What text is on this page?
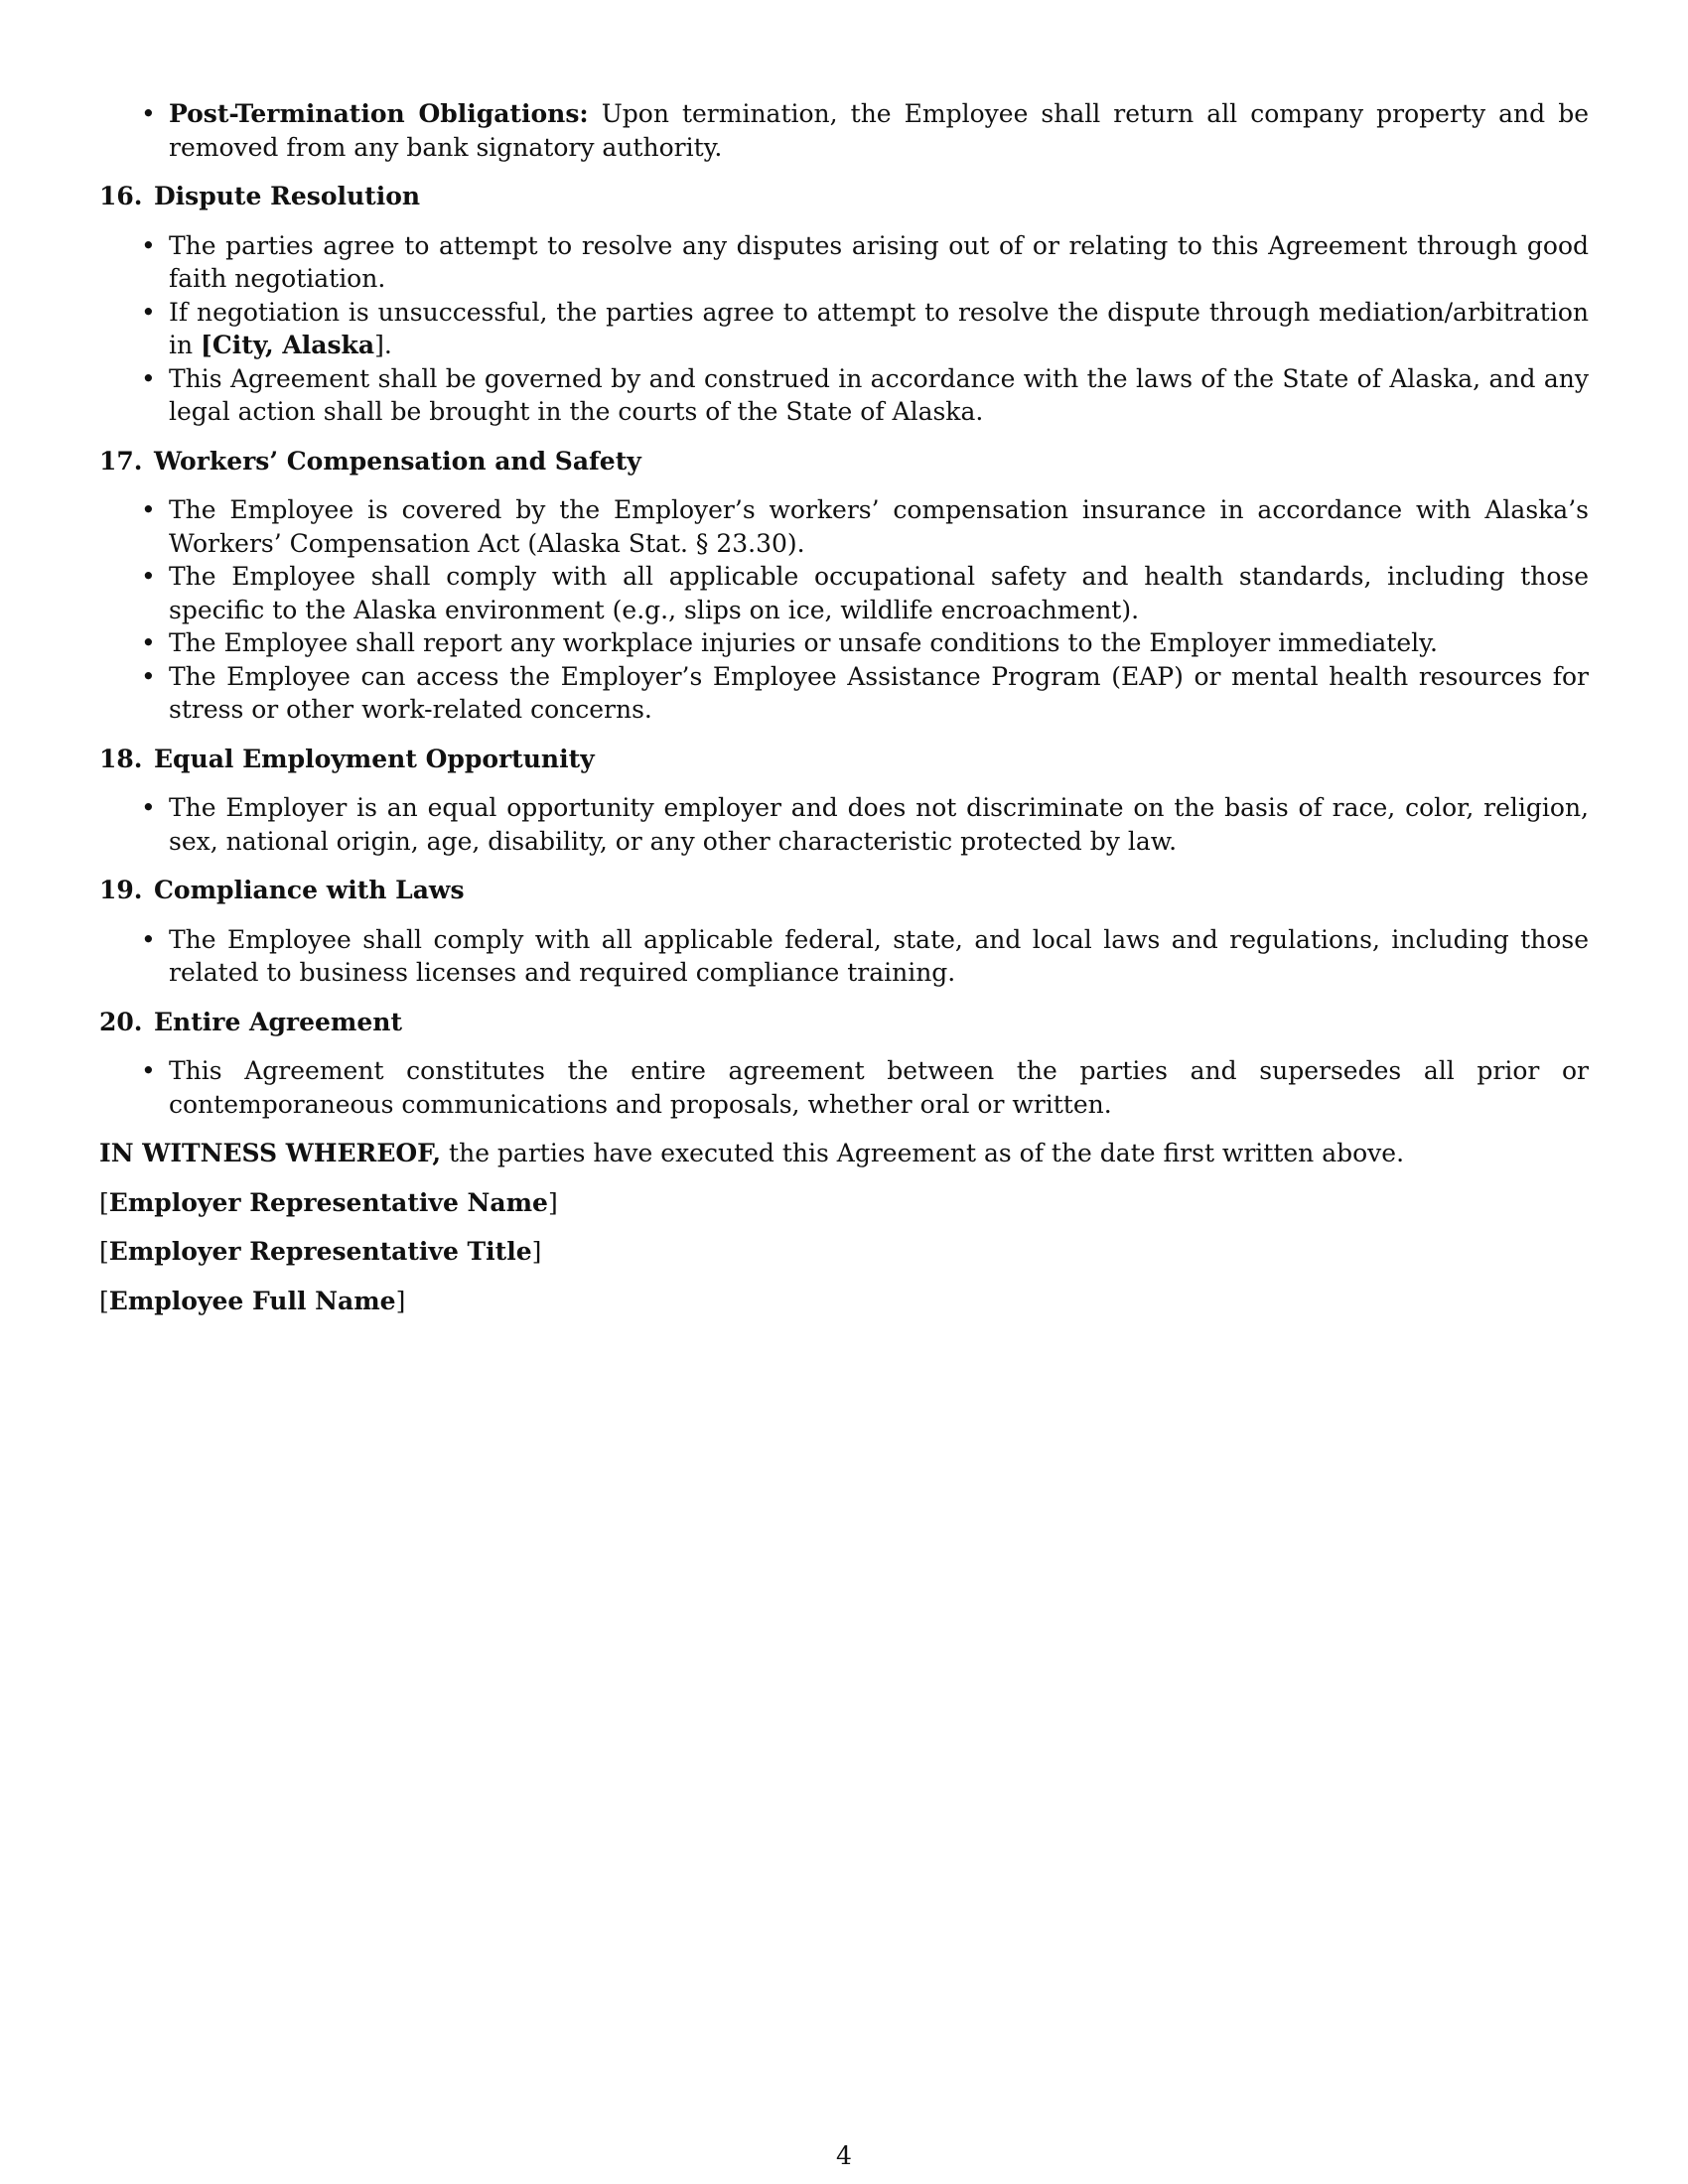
• Post-Termination Obligations: Upon termination, the Employee shall return all company property and be removed from any bank signatory authority.
16. Dispute Resolution
• The parties agree to attempt to resolve any disputes arising out of or relating to this Agreement through good faith negotiation.
• If negotiation is unsuccessful, the parties agree to attempt to resolve the dispute through mediation/arbitration in [City, Alaska].
• This Agreement shall be governed by and construed in accordance with the laws of the State of Alaska, and any legal action shall be brought in the courts of the State of Alaska.
17. Workers’ Compensation and Safety
• The Employee is covered by the Employer’s workers’ compensation insurance in accordance with Alaska’s Workers’ Compensation Act (Alaska Stat. § 23.30).
• The Employee shall comply with all applicable occupational safety and health standards, including those specific to the Alaska environment (e.g., slips on ice, wildlife encroachment).
• The Employee shall report any workplace injuries or unsafe conditions to the Employer immediately.
• The Employee can access the Employer’s Employee Assistance Program (EAP) or mental health resources for stress or other work-related concerns.
18. Equal Employment Opportunity
• The Employer is an equal opportunity employer and does not discriminate on the basis of race, color, religion, sex, national origin, age, disability, or any other characteristic protected by law.
19. Compliance with Laws
• The Employee shall comply with all applicable federal, state, and local laws and regulations, including those related to business licenses and required compliance training.
20. Entire Agreement
• This Agreement constitutes the entire agreement between the parties and supersedes all prior or contemporaneous communications and proposals, whether oral or written.
IN WITNESS WHEREOF, the parties have executed this Agreement as of the date first written above.
[Employer Representative Name]
[Employer Representative Title]
[Employee Full Name]
4
